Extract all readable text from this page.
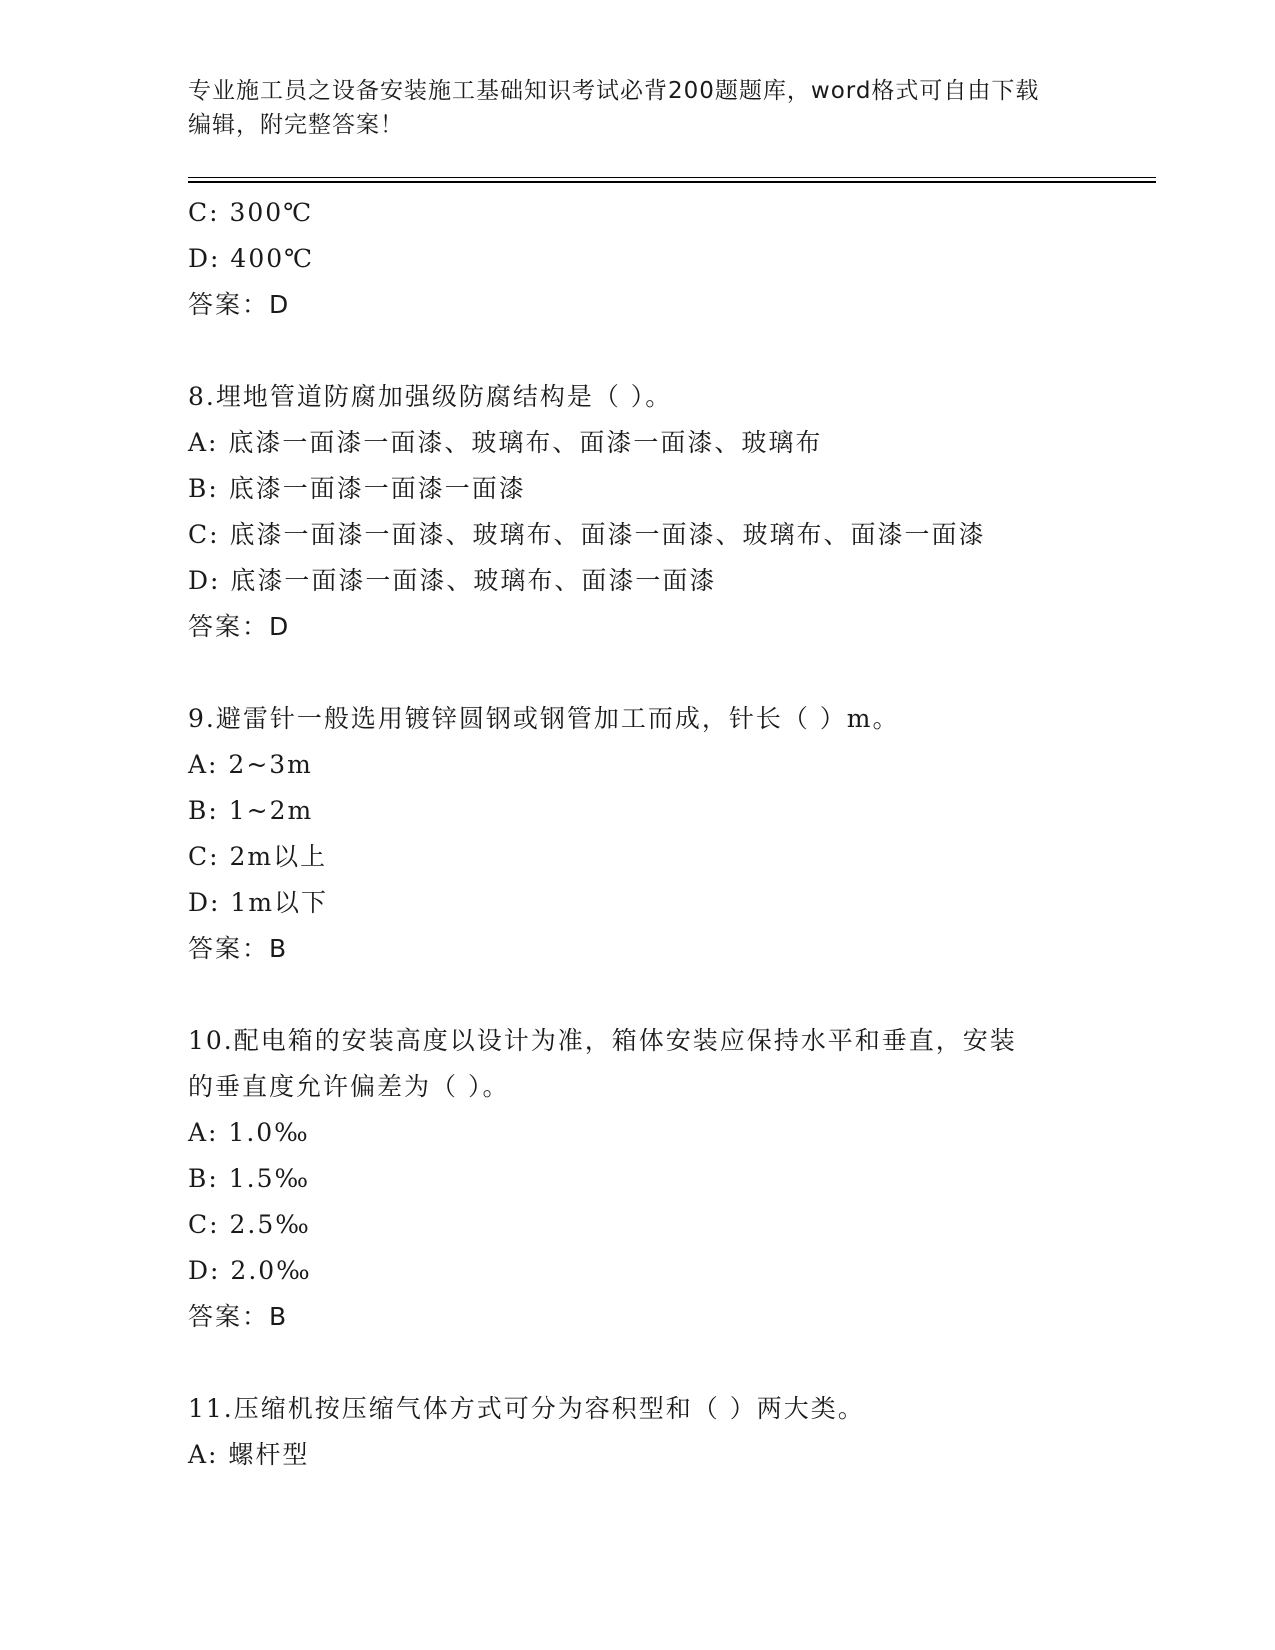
专业施工员之设备安装施工基础知识考试必背200题题库，word格式可自由下载
编辑，附完整答案！
C: 300℃
D: 400℃
答案：D
8.埋地管道防腐加强级防腐结构是（ ）。
A: 底漆一面漆一面漆、玻璃布、面漆一面漆、玻璃布
B: 底漆一面漆一面漆一面漆
C: 底漆一面漆一面漆、玻璃布、面漆一面漆、玻璃布、面漆一面漆
D: 底漆一面漆一面漆、玻璃布、面漆一面漆
答案：D
9.避雷针一般选用镀锌圆钢或钢管加工而成，针长（ ）m。
A: 2~3m
B: 1~2m
C: 2m以上
D: 1m以下
答案：B
10.配电箱的安装高度以设计为准，箱体安装应保持水平和垂直，安装
的垂直度允许偏差为（ ）。
A: 1.0‰
B: 1.5‰
C: 2.5‰
D: 2.0‰
答案：B
11.压缩机按压缩气体方式可分为容积型和（ ）两大类。
A: 螺杆型
